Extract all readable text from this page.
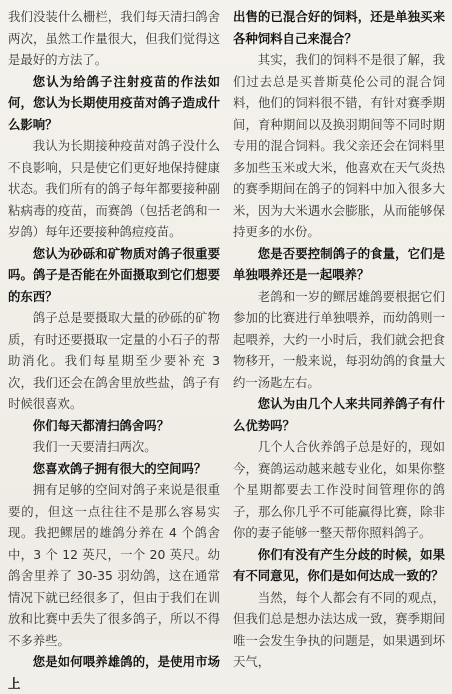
我们没装什么栅栏，我们每天清扫鸽舍两次，虽然工作量很大，但我们觉得这是最好的方法了。

您认为给鸽子注射疫苗的作法如何，您认为长期使用疫苗对鸽子造成什么影响？

我认为长期接种疫苗对鸽子没什么不良影响，只是使它们更好地保持健康状态。我们所有的鸽子每年都要接种副粘病毒的疫苗，而赛鸽（包括老鸽和一岁鸽）每年还要接种鸽痘疫苗。

您认为砂砾和矿物质对鸽子很重要吗。鸽子是否能在外面摄取到它们想要的东西？

鸽子总是要摄取大量的砂砾的矿物质，有时还要摄取一定量的小石子的帮助消化。我们每星期至少要补充 3 次，我们还会在鸽舍里放些盐，鸽子有时候很喜欢。

你们每天都清扫鸽舍吗？

我们一天要清扫两次。

您喜欢鸽子拥有很大的空间吗？

拥有足够的空间对鸽子来说是很重要的，但这一点往往不是那么容易实现。我把鳏居的雄鸽分养在 4 个鸽舍中，3 个 12 英尺，一个 20 英尺。幼鸽舍里养了 30-35 羽幼鸽，这在通常情况下就已经很多了，但由于我们在训放和比赛中丢失了很多鸽子，所以不得不多养些。

您是如何喂养雄鸽的，是使用市场上

出售的已混合好的饲料，还是单独买来各种饲料自己来混合？

其实，我们的饲料不是很了解，我们过去总是买普斯莫伦公司的混合饲料，他们的饲料很不错，有针对赛季期间，育种期间以及换羽期间等不同时期专用的混合饲料。我父亲还会在饲料里多加些玉米或大米，他喜欢在天气炎热的赛季期间在鸽子的饲料中加入很多大米，因为大米遇水会膨胀，从而能够保持更多的水份。

您是否要控制鸽子的食量，它们是单独喂养还是一起喂养？

老鸽和一岁的鳏居雄鸽要根据它们参加的比赛进行单独喂养，而幼鸽则一起喂养，大约一小时后，我们就会把食物移开，一般来说，每羽幼鸽的食量大约一汤匙左右。

您认为由几个人来共同养鸽子有什么优势吗？

几个人合伙养鸽子总是好的，现如今，赛鸽运动越来越专业化，如果你整个星期都要去工作没时间管理你的鸽子，那么你几乎不可能赢得比赛，除非你的妻子能够一整天帮你照料鸽子。

你们有没有产生分歧的时候，如果有不同意见，你们是如何达成一致的？

当然，每个人都会有不同的观点，但我们总是想办法达成一致，赛季期间唯一会发生争执的问题是，如果遇到坏天气，
